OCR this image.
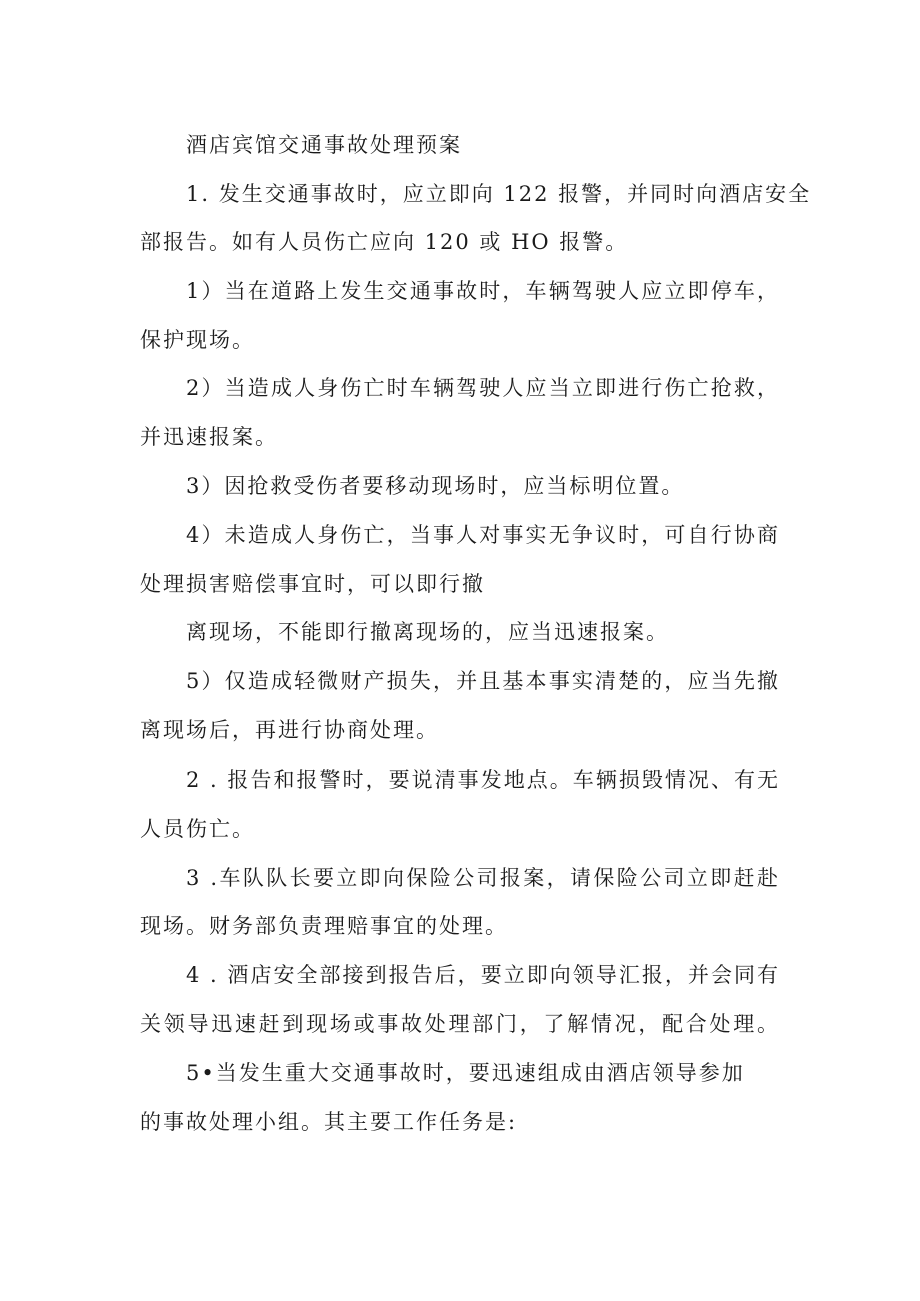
酒店宾馆交通事故处理预案
1. 发生交通事故时，应立即向 122 报警，并同时向酒店安全
部报告。如有人员伤亡应向 120 或 HO 报警。
1）当在道路上发生交通事故时，车辆驾驶人应立即停车，
保护现场。
2）当造成人身伤亡时车辆驾驶人应当立即进行伤亡抢救，
并迅速报案。
3）因抢救受伤者要移动现场时，应当标明位置。
4）未造成人身伤亡，当事人对事实无争议时，可自行协商
处理损害赔偿事宜时，可以即行撤
离现场，不能即行撤离现场的，应当迅速报案。
5）仅造成轻微财产损失，并且基本事实清楚的，应当先撤
离现场后，再进行协商处理。
2 . 报告和报警时，要说清事发地点。车辆损毁情况、有无
人员伤亡。
3 .车队队长要立即向保险公司报案，请保险公司立即赶赴
现场。财务部负责理赔事宜的处理。
4 . 酒店安全部接到报告后，要立即向领导汇报，并会同有
关领导迅速赶到现场或事故处理部门，了解情况，配合处理。
5•当发生重大交通事故时，要迅速组成由酒店领导参加
的事故处理小组。其主要工作任务是:
